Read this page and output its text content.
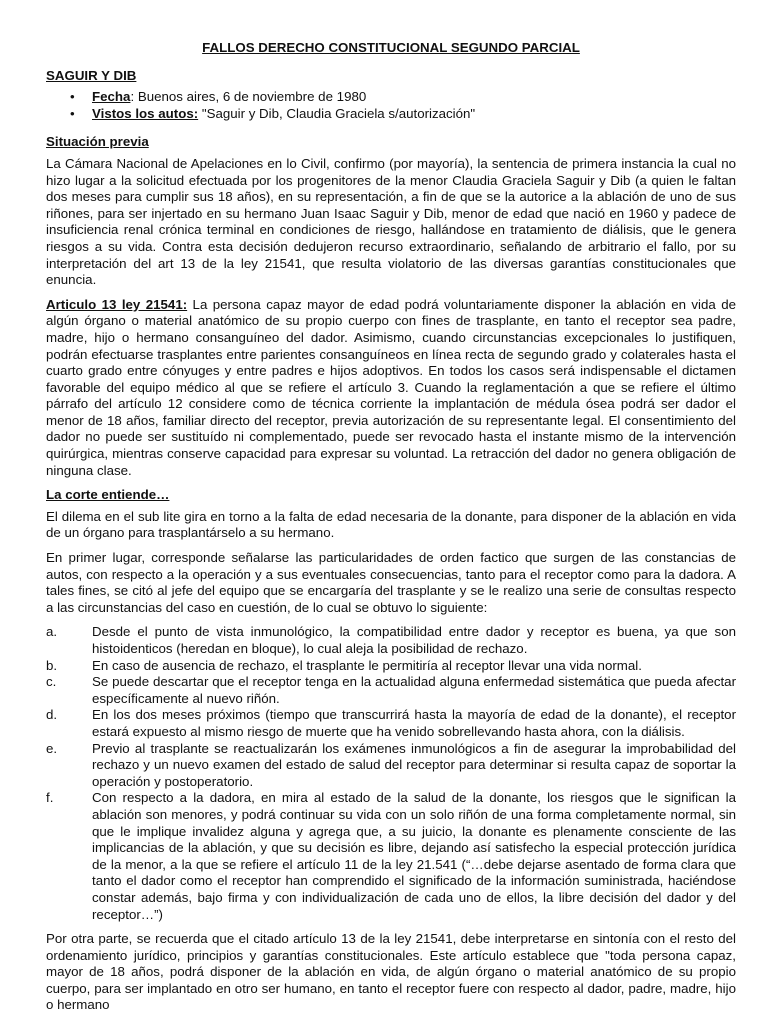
FALLOS DERECHO CONSTITUCIONAL SEGUNDO PARCIAL
SAGUIR Y DIB
• Fecha: Buenos aires, 6 de noviembre de 1980
• Vistos los autos: "Saguir y Dib, Claudia Graciela s/autorización"
Situación previa

La Cámara Nacional de Apelaciones en lo Civil, confirmo (por mayoría), la sentencia de primera instancia la cual no hizo lugar a la solicitud efectuada por los progenitores de la menor Claudia Graciela Saguir y Dib (a quien le faltan dos meses para cumplir sus 18 años), en su representación, a fin de que se la autorice a la ablación de uno de sus riñones, para ser injertado en su hermano Juan Isaac Saguir y Dib, menor de edad que nació en 1960 y padece de insuficiencia renal crónica terminal en condiciones de riesgo, hallándose en tratamiento de diálisis, que le genera riesgos a su vida. Contra esta decisión dedujeron recurso extraordinario, señalando de arbitrario el fallo, por su interpretación del art 13 de la ley 21541, que resulta violatorio de las diversas garantías constitucionales que enuncia.

Articulo 13 ley 21541: La persona capaz mayor de edad podrá voluntariamente disponer la ablación en vida de algún órgano o material anatómico de su propio cuerpo con fines de trasplante, en tanto el receptor sea padre, madre, hijo o hermano consanguíneo del dador. Asimismo, cuando circunstancias excepcionales lo justifiquen, podrán efectuarse trasplantes entre parientes consanguíneos en línea recta de segundo grado y colaterales hasta el cuarto grado entre cónyuges y entre padres e hijos adoptivos. En todos los casos será indispensable el dictamen favorable del equipo médico al que se refiere el artículo 3. Cuando la reglamentación a que se refiere el último párrafo del artículo 12 considere como de técnica corriente la implantación de médula ósea podrá ser dador el menor de 18 años, familiar directo del receptor, previa autorización de su representante legal. El consentimiento del dador no puede ser sustituído ni complementado, puede ser revocado hasta el instante mismo de la intervención quirúrgica, mientras conserve capacidad para expresar su voluntad. La retracción del dador no genera obligación de ninguna clase.

La corte entiende…

El dilema en el sub lite gira en torno a la falta de edad necesaria de la donante, para disponer de la ablación en vida de un órgano para trasplantárselo a su hermano.

En primer lugar, corresponde señalarse las particularidades de orden factico que surgen de las constancias de autos, con respecto a la operación y a sus eventuales consecuencias, tanto para el receptor como para la dadora. A tales fines, se citó al jefe del equipo que se encargaría del trasplante y se le realizo una serie de consultas respecto a las circunstancias del caso en cuestión, de lo cual se obtuvo lo siguiente:

a.	Desde el punto de vista inmunológico, la compatibilidad entre dador y receptor es buena, ya que son histoidenticos (heredan en bloque), lo cual aleja la posibilidad de rechazo.
b.	En caso de ausencia de rechazo, el trasplante le permitiría al receptor llevar una vida normal.
c.	Se puede descartar que el receptor tenga en la actualidad alguna enfermedad sistemática que pueda afectar específicamente al nuevo riñón.
d.	En los dos meses próximos (tiempo que transcurrirá hasta la mayoría de edad de la donante), el receptor estará expuesto al mismo riesgo de muerte que ha venido sobrellevando hasta ahora, con la diálisis.
e.	Previo al trasplante se reactualizarán los exámenes inmunológicos a fin de asegurar la improbabilidad del rechazo y un nuevo examen del estado de salud del receptor para determinar si resulta capaz de soportar la operación y postoperatorio.
f.	Con respecto a la dadora, en mira al estado de la salud de la donante, los riesgos que le significan la ablación son menores, y podrá continuar su vida con un solo riñón de una forma completamente normal, sin que le implique invalidez alguna y agrega que, a su juicio, la donante es plenamente consciente de las implicancias de la ablación, y que su decisión es libre, dejando así satisfecho la especial protección jurídica de la menor, a la que se refiere el artículo 11 de la ley 21.541 (“…debe dejarse asentado de forma clara que tanto el dador como el receptor han comprendido el significado de la información suministrada, haciéndose constar además, bajo firma y con individualización de cada uno de ellos, la libre decisión del dador y del receptor…”)

Por otra parte, se recuerda que el citado artículo 13 de la ley 21541, debe interpretarse en sintonía con el resto del ordenamiento jurídico, principios y garantías constitucionales. Este artículo establece que "toda persona capaz, mayor de 18 años, podrá disponer de la ablación en vida, de algún órgano o material anatómico de su propio cuerpo, para ser implantado en otro ser humano, en tanto el receptor fuere con respecto al dador, padre, madre, hijo o hermano
